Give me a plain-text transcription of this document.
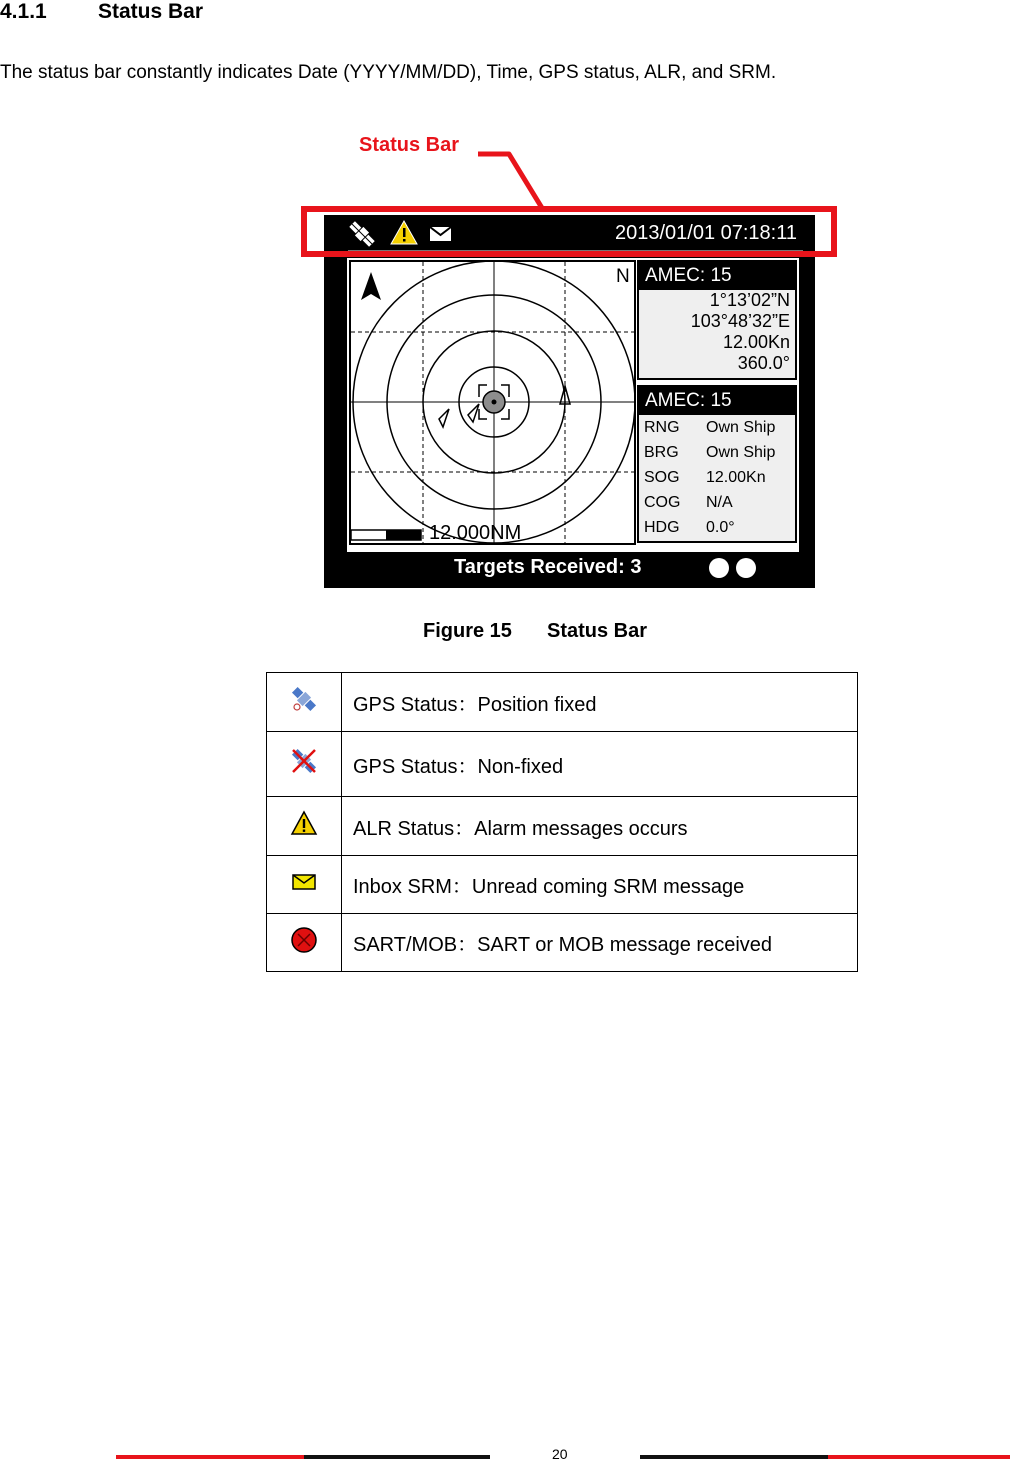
4.1.1 Status Bar
The status bar constantly indicates Date (YYYY/MM/DD), Time, GPS status, ALR, and SRM.
Status Bar
2013/01/01 07:18:11
N
12.000NM
AMEC: 15
1°13’02”N
103°48’32”E
12.00Kn
360.0°
AMEC: 15
RNG Own Ship
BRG Own Ship
SOG 12.00Kn
COG N/A
HDG 0.0°
Targets Received: 3
Figure 15 Status Bar
	GPS Status：Position fixed
	GPS Status：Non-fixed
	ALR Status：Alarm messages occurs
	Inbox SRM：Unread coming SRM message
	SART/MOB：SART or MOB message received
20
